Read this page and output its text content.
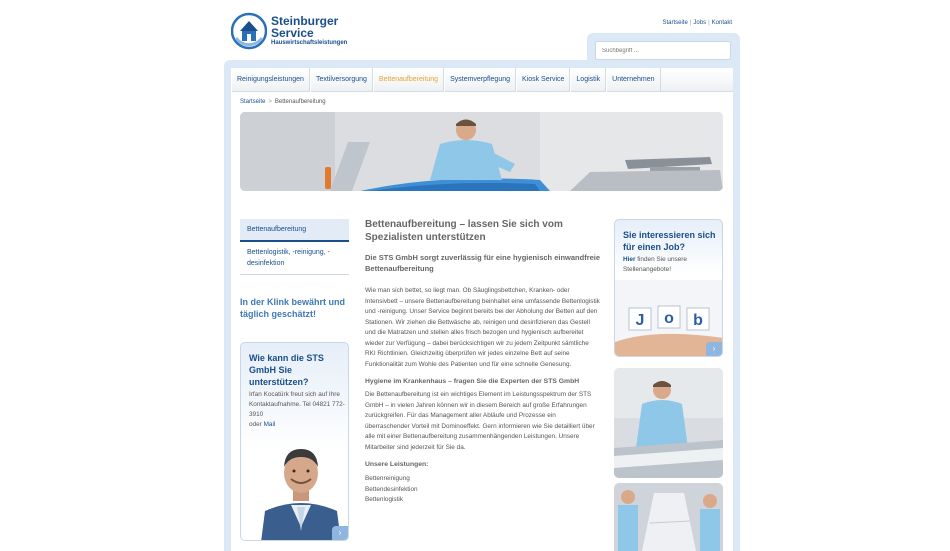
Steinburger
Service
Hauswirtschaftsleistungen
Startseite | Jobs | Kontakt
Suchbegriff ...
Reinigungsleistungen	Textilversorgung	Bettenaufbereitung	Systemverpflegung	Kiosk Service	Logistik	Unternehmen
Startseite > Bettenaufbereitung
Bettenaufbereitung
Bettenlogistik, -reinigung, -desinfektion
In der Klink bewährt und täglich geschätzt!
Wie kann die STS GmbH Sie unterstützen?
Irfan Kocatürk freut sich auf Ihre Kontaktaufnahme. Tel 04821 772-3910
oder Mail
›
Bettenaufbereitung – lassen Sie sich vom Spezialisten unterstützen
Die STS GmbH sorgt zuverlässig für eine hygienisch einwandfreie Bettenaufbereitung
Wie man sich bettet, so liegt man. Ob Säuglingsbettchen, Kranken- oder Intensivbett – unsere Bettenaufbereitung beinhaltet eine umfassende Bettenlogistik und -reinigung. Unser Service beginnt bereits bei der Abholung der Betten auf den Stationen. Wir ziehen die Bettwäsche ab, reinigen und desinfizieren das Gestell und die Matratzen und stellen alles frisch bezogen und hygienisch aufbereitet wieder zur Verfügung – dabei berücksichtigen wir zu jedem Zeitpunkt sämtliche RKI Richtlinien. Gleichzeitig überprüfen wir jedes einzelne Bett auf seine Funktionalität zum Wohle des Patienten und für eine schnelle Genesung.
Hygiene im Krankenhaus – fragen Sie die Experten der STS GmbH
Die Bettenaufbereitung ist ein wichtiges Element im Leistungsspektrum der STS GmbH – in vielen Jahren können wir in diesem Bereich auf große Erfahrungen zurückgreifen. Für das Management aller Abläufe und Prozesse ein überraschender Vorteil mit Dominoeffekt. Gern informieren wie Sie detailliert über alle mit einer Bettenaufbereitung zusammenhängenden Leistungen. Unsere Mitarbeiter sind jederzeit für Sie da.
Unsere Leistungen:
Bettenreinigung
Bettendesinfektion
Bettenlogistik
Sie interessieren sich für einen Job?
Hier finden Sie unsere Stellenangebote!
J o b
›
